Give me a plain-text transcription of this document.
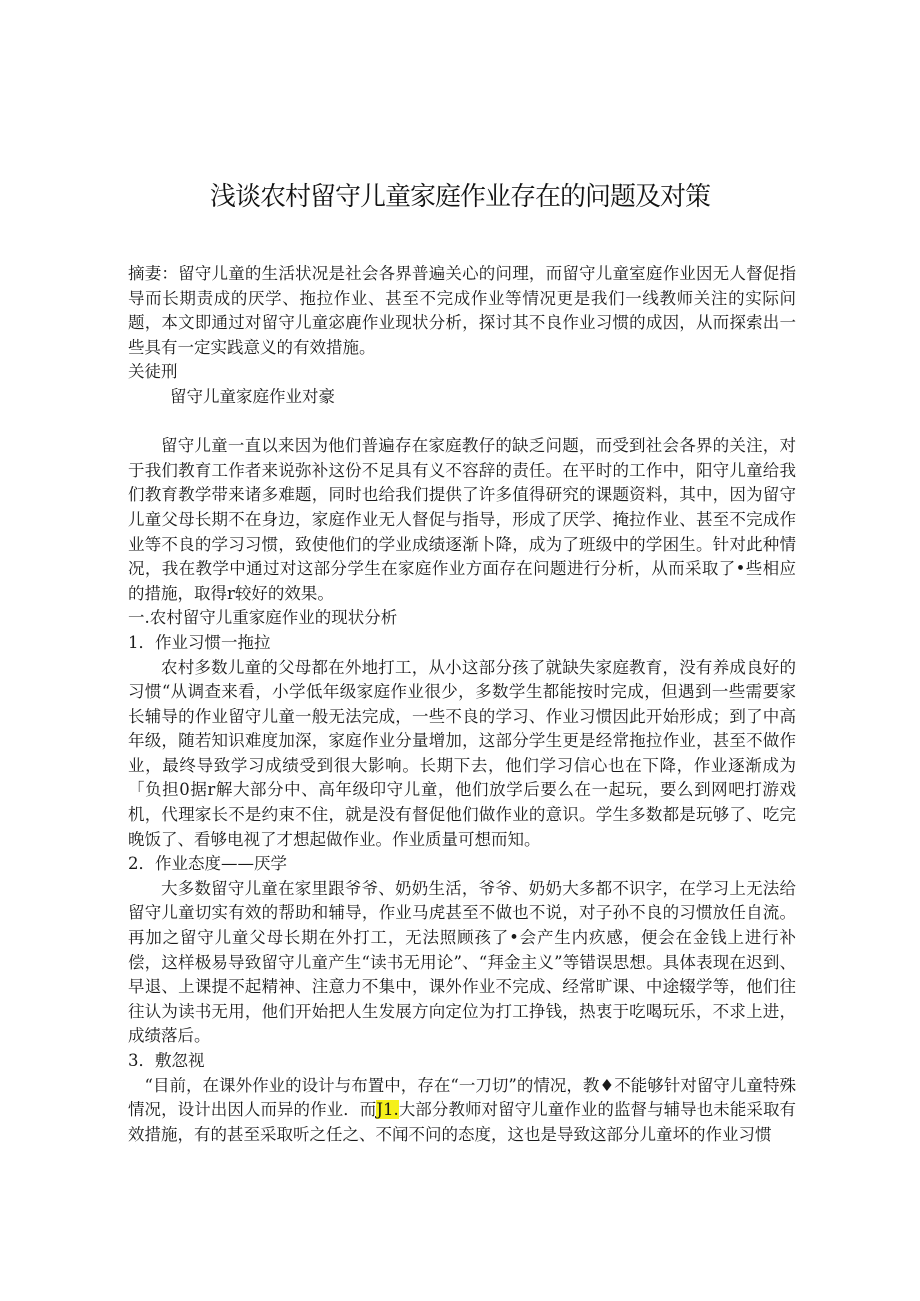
浅谈农村留守儿童家庭作业存在的问题及对策

摘妻：留守儿童的生活状况是社会各界普遍关心的问理，而留守儿童室庭作业因无人督促指导而长期责成的厌学、拖拉作业、甚至不完成作业等情况更是我们一线教师关注的实际问题，本文即通过对留守儿童宓鹿作业现状分析，探讨其不良作业习惯的成因，从而探索出一些具有一定实践意义的有效措施。

关徒刑

留守儿童家庭作业对豪

留守儿童一直以来因为他们普遍存在家庭教仔的缺乏问题，而受到社会各界的关注，对于我们教育工作者来说弥补这份不足具有义不容辞的责任。在平时的工作中，阳守儿童给我们教育教学带来诸多难题，同时也给我们提供了许多值得研究的课题资料，其中，因为留守儿童父母长期不在身边，家庭作业无人督促与指导，形成了厌学、掩拉作业、甚至不完成作业等不良的学习习惯，致使他们的学业成绩逐渐卜降，成为了班级中的学困生。针对此种情况，我在教学中通过对这部分学生在家庭作业方面存在问题进行分析，从而采取了•些相应的措施，取得r较好的效果。

一.农村留守儿重家庭作业的现状分析

1．作业习惯一拖拉

农村多数儿童的父母都在外地打工，从小这部分孩了就缺失家庭教育，没有养成良好的习惯“从调查来看，小学低年级家庭作业很少，多数学生都能按时完成，但遇到一些需要家长辅导的作业留守儿童一般无法完成，一些不良的学习、作业习惯因此开始形成；到了中高年级，随若知识难度加深，家庭作业分量增加，这部分学生更是经常拖拉作业，甚至不做作业，最终导致学习成绩受到很大影响。长期下去，他们学习信心也在下降，作业逐渐成为「负担0据r解大部分中、高年级印守儿童，他们放学后要么在一起玩，要么到网吧打游戏机，代理家长不是约束不住，就是没有督促他们做作业的意识。学生多数都是玩够了、吃完晚饭了、看够电视了才想起做作业。作业质量可想而知。

2．作业态度——厌学

大多数留守儿童在家里跟爷爷、奶奶生活，爷爷、奶奶大多都不识字，在学习上无法给留守儿童切实有效的帮助和辅导，作业马虎甚至不做也不说，对子孙不良的习惯放任自流。再加之留守儿童父母长期在外打工，无法照顾孩了•会产生内疚感，便会在金钱上进行补偿，这样极易导致留守儿童产生“读书无用论”、“拜金主义”等错误思想。具体表现在迟到、早退、上课提不起精神、注意力不集中，课外作业不完成、经常旷课、中途辍学等，他们往往认为读书无用，他们开始把人生发展方向定位为打工挣钱，热衷于吃喝玩乐，不求上进，成绩落后。

3．敷忽视

“目前，在课外作业的设计与布置中，存在“一刀切”的情况，教♦不能够针对留守儿童特殊情况，设计出因人而异的作业．而J1.大部分教师对留守儿童作业的监督与辅导也未能采取有效措施，有的甚至采取听之任之、不闻不问的态度，这也是导致这部分儿童坏的作业习惯
